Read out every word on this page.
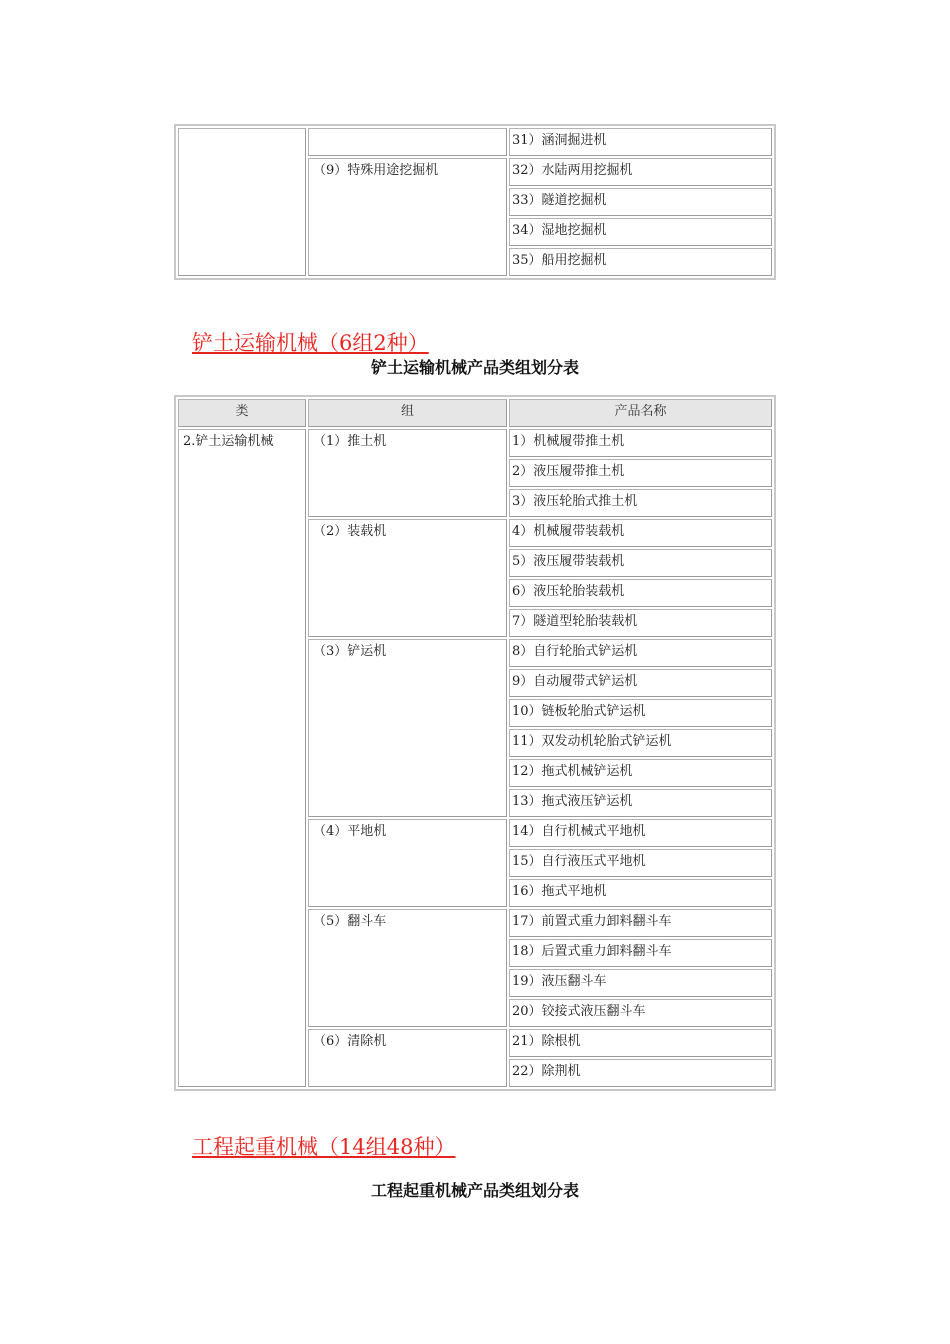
		31）涵洞掘进机
	（9）特殊用途挖掘机	32）水陆两用挖掘机
		33）隧道挖掘机
		34）湿地挖掘机
		35）船用挖掘机
铲土运输机械（6组2种）
铲土运输机械产品类组划分表
类	组	产品名称
2.铲土运输机械	（1）推土机	1）机械履带推土机
		2）液压履带推土机
		3）液压轮胎式推土机
	（2）装载机	4）机械履带装载机
		5）液压履带装载机
		6）液压轮胎装载机
		7）隧道型轮胎装载机
	（3）铲运机	8）自行轮胎式铲运机
		9）自动履带式铲运机
		10）链板轮胎式铲运机
		11）双发动机轮胎式铲运机
		12）拖式机械铲运机
		13）拖式液压铲运机
	（4）平地机	14）自行机械式平地机
		15）自行液压式平地机
		16）拖式平地机
	（5）翻斗车	17）前置式重力卸料翻斗车
		18）后置式重力卸料翻斗车
		19）液压翻斗车
		20）铰接式液压翻斗车
	（6）清除机	21）除根机
		22）除荆机
工程起重机械（14组48种）
工程起重机械产品类组划分表
